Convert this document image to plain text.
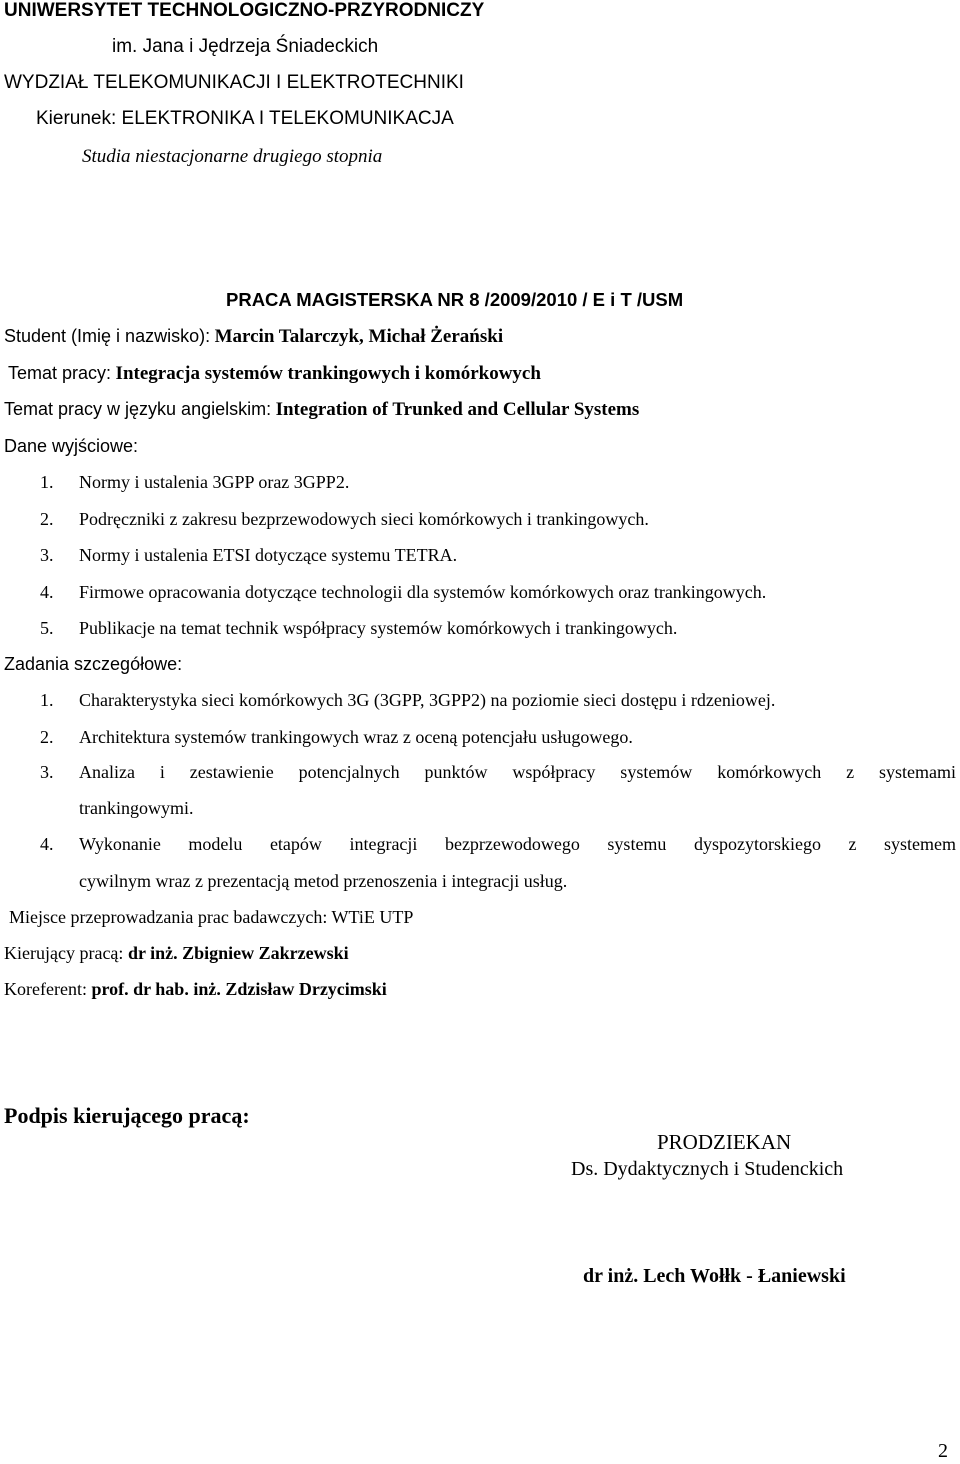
UNIWERSYTET TECHNOLOGICZNO-PRZYRODNICZY
im. Jana i Jędrzeja Śniadeckich
WYDZIAŁ TELEKOMUNIKACJI I ELEKTROTECHNIKI
Kierunek: ELEKTRONIKA I TELEKOMUNIKACJA
Studia niestacjonarne drugiego stopnia
PRACA MAGISTERSKA NR 8 /2009/2010 / E i T /USM
Student (Imię i nazwisko): Marcin Talarczyk, Michał Żerański
Temat pracy: Integracja systemów trankingowych i komórkowych
Temat pracy w języku angielskim: Integration of Trunked and Cellular Systems
Dane wyjściowe:
1.	Normy i ustalenia 3GPP oraz 3GPP2.
2.	Podręczniki z zakresu bezprzewodowych sieci komórkowych i trankingowych.
3.	Normy i ustalenia ETSI dotyczące systemu TETRA.
4.	Firmowe opracowania dotyczące technologii dla systemów komórkowych oraz trankingowych.
5.	Publikacje na temat technik współpracy systemów komórkowych i trankingowych.
Zadania szczegółowe:
1.	Charakterystyka sieci komórkowych 3G (3GPP, 3GPP2) na poziomie sieci dostępu i rdzeniowej.
2.	Architektura systemów trankingowych wraz z oceną potencjału usługowego.
3.	Analiza i zestawienie potencjalnych punktów współpracy systemów komórkowych z systemami
trankingowymi.
4.	Wykonanie modelu etapów integracji bezprzewodowego systemu dyspozytorskiego z systemem
cywilnym wraz z prezentacją metod przenoszenia i integracji usług.
Miejsce przeprowadzania prac badawczych: WTiE UTP
Kierujący pracą: dr inż. Zbigniew Zakrzewski
Koreferent: prof. dr hab. inż. Zdzisław Drzycimski
Podpis kierującego pracą:
PRODZIEKAN
Ds. Dydaktycznych i Studenckich
dr inż. Lech Wołłk - Łaniewski
2
